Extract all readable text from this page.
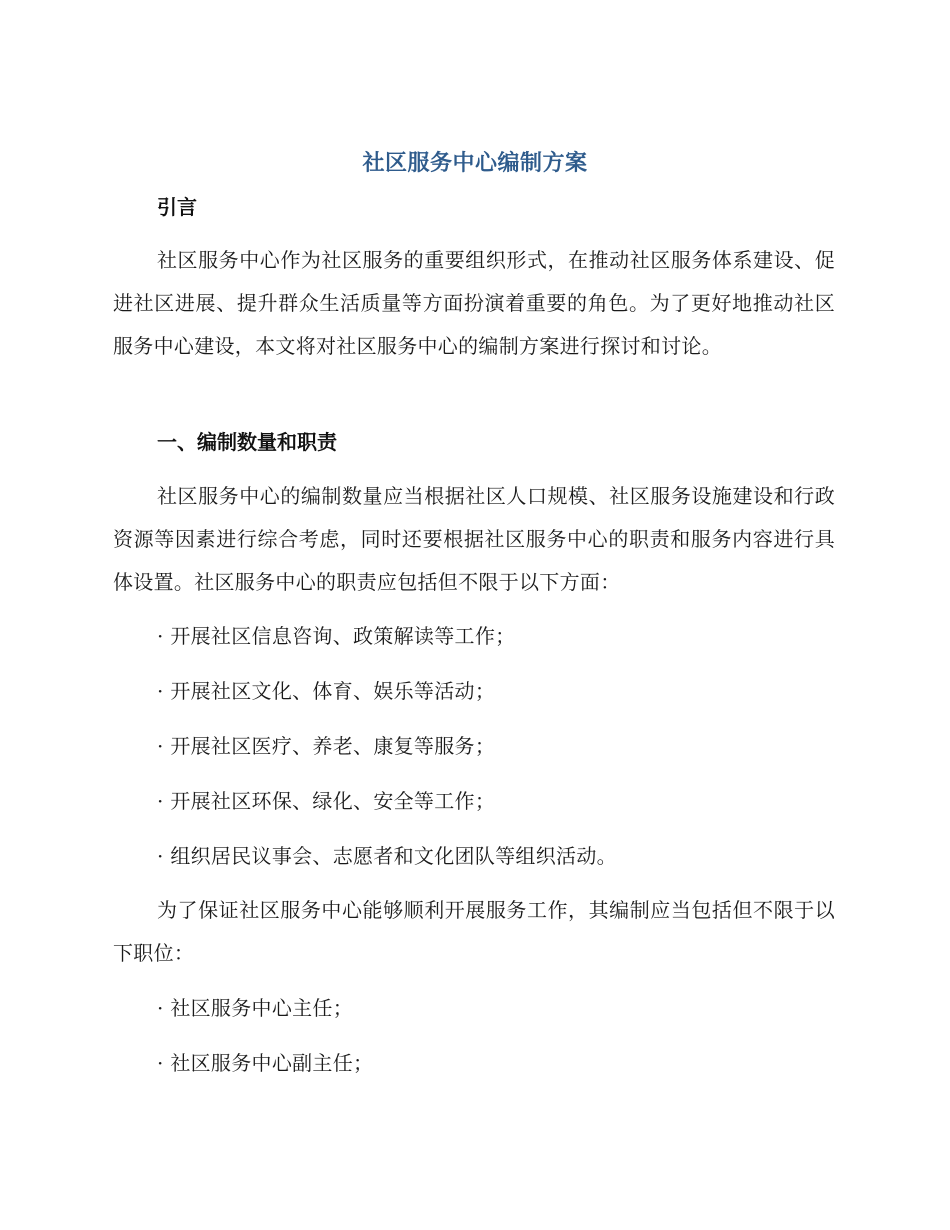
社区服务中心编制方案
引言
社区服务中心作为社区服务的重要组织形式，在推动社区服务体系建设、促进社区进展、提升群众生活质量等方面扮演着重要的角色。为了更好地推动社区服务中心建设，本文将对社区服务中心的编制方案进行探讨和讨论。
一、编制数量和职责
社区服务中心的编制数量应当根据社区人口规模、社区服务设施建设和行政资源等因素进行综合考虑，同时还要根据社区服务中心的职责和服务内容进行具体设置。社区服务中心的职责应包括但不限于以下方面：
· 开展社区信息咨询、政策解读等工作；
· 开展社区文化、体育、娱乐等活动；
· 开展社区医疗、养老、康复等服务；
· 开展社区环保、绿化、安全等工作；
· 组织居民议事会、志愿者和文化团队等组织活动。
为了保证社区服务中心能够顺利开展服务工作，其编制应当包括但不限于以下职位：
· 社区服务中心主任；
· 社区服务中心副主任；
